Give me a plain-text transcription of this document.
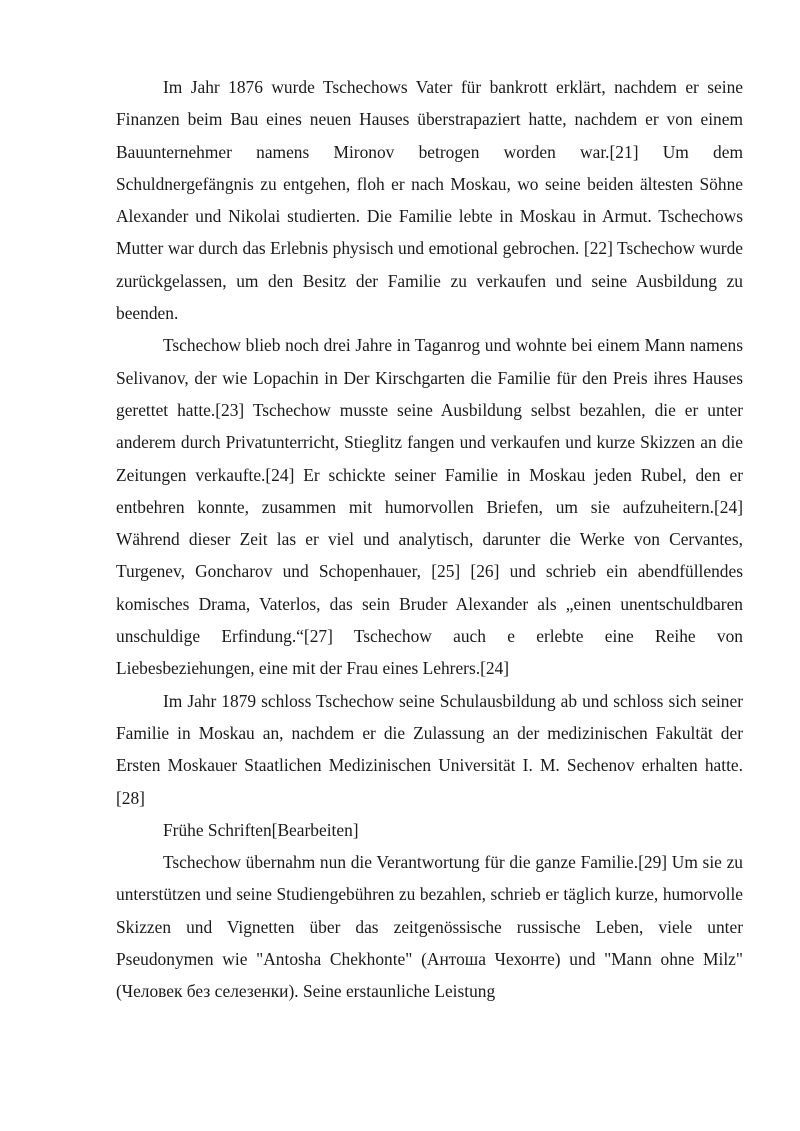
Im Jahr 1876 wurde Tschechows Vater für bankrott erklärt, nachdem er seine Finanzen beim Bau eines neuen Hauses überstrapaziert hatte, nachdem er von einem Bauunternehmer namens Mironov betrogen worden war.[21] Um dem Schuldnergefängnis zu entgehen, floh er nach Moskau, wo seine beiden ältesten Söhne Alexander und Nikolai studierten. Die Familie lebte in Moskau in Armut. Tschechows Mutter war durch das Erlebnis physisch und emotional gebrochen. [22] Tschechow wurde zurückgelassen, um den Besitz der Familie zu verkaufen und seine Ausbildung zu beenden.

Tschechow blieb noch drei Jahre in Taganrog und wohnte bei einem Mann namens Selivanov, der wie Lopachin in Der Kirschgarten die Familie für den Preis ihres Hauses gerettet hatte.[23] Tschechow musste seine Ausbildung selbst bezahlen, die er unter anderem durch Privatunterricht, Stieglitz fangen und verkaufen und kurze Skizzen an die Zeitungen verkaufte.[24] Er schickte seiner Familie in Moskau jeden Rubel, den er entbehren konnte, zusammen mit humorvollen Briefen, um sie aufzuheitern.[24] Während dieser Zeit las er viel und analytisch, darunter die Werke von Cervantes, Turgenev, Goncharov und Schopenhauer, [25] [26] und schrieb ein abendfüllendes komisches Drama, Vaterlos, das sein Bruder Alexander als „einen unentschuldbaren unschuldige Erfindung.“[27] Tschechow auch e erlebte eine Reihe von Liebesbeziehungen, eine mit der Frau eines Lehrers.[24]

Im Jahr 1879 schloss Tschechow seine Schulausbildung ab und schloss sich seiner Familie in Moskau an, nachdem er die Zulassung an der medizinischen Fakultät der Ersten Moskauer Staatlichen Medizinischen Universität I. M. Sechenov erhalten hatte.[28]

Frühe Schriften[Bearbeiten]

Tschechow übernahm nun die Verantwortung für die ganze Familie.[29] Um sie zu unterstützen und seine Studiengebühren zu bezahlen, schrieb er täglich kurze, humorvolle Skizzen und Vignetten über das zeitgenössische russische Leben, viele unter Pseudonymen wie "Antosha Chekhonte" (Антоша Чехонте) und "Mann ohne Milz" (Человек без селезенки). Seine erstaunliche Leistung
